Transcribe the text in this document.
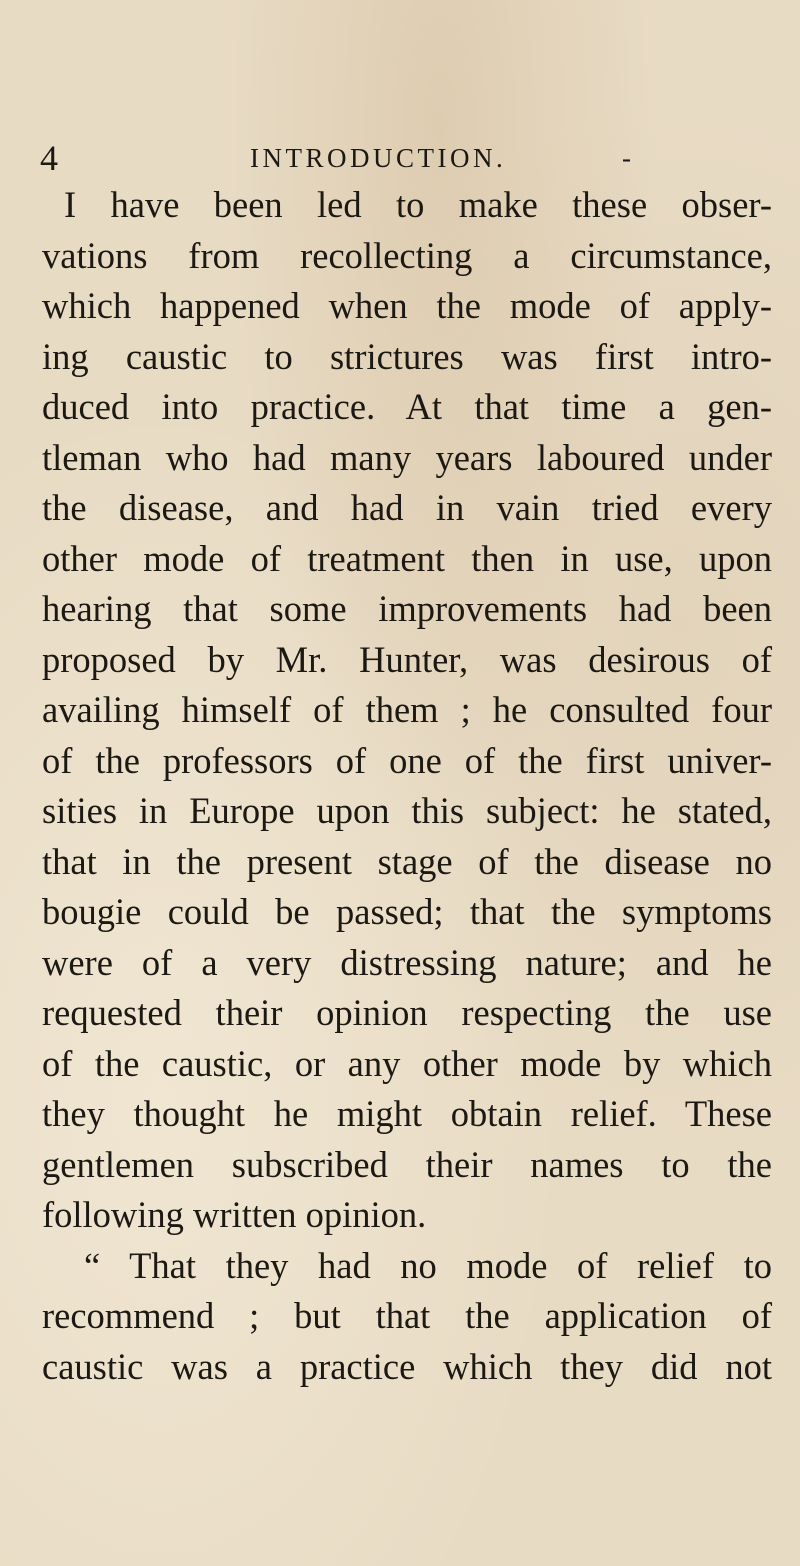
4	INTRODUCTION.	-
I have been led to make these obser-
vations from recollecting a circumstance,
which happened when the mode of apply-
ing caustic to strictures was first intro-
duced into practice. At that time a gen-
tleman who had many years laboured under
the disease, and had in vain tried every
other mode of treatment then in use, upon
hearing that some improvements had been
proposed by Mr. Hunter, was desirous of
availing himself of them ; he consulted four
of the professors of one of the first univer-
sities in Europe upon this subject: he stated,
that in the present stage of the disease no
bougie could be passed; that the symptoms
were of a very distressing nature; and he
requested their opinion respecting the use
of the caustic, or any other mode by which
they thought he might obtain relief. These
gentlemen subscribed their names to the
following written opinion.
“ That they had no mode of relief to
recommend ; but that the application of
caustic was a practice which they did not
